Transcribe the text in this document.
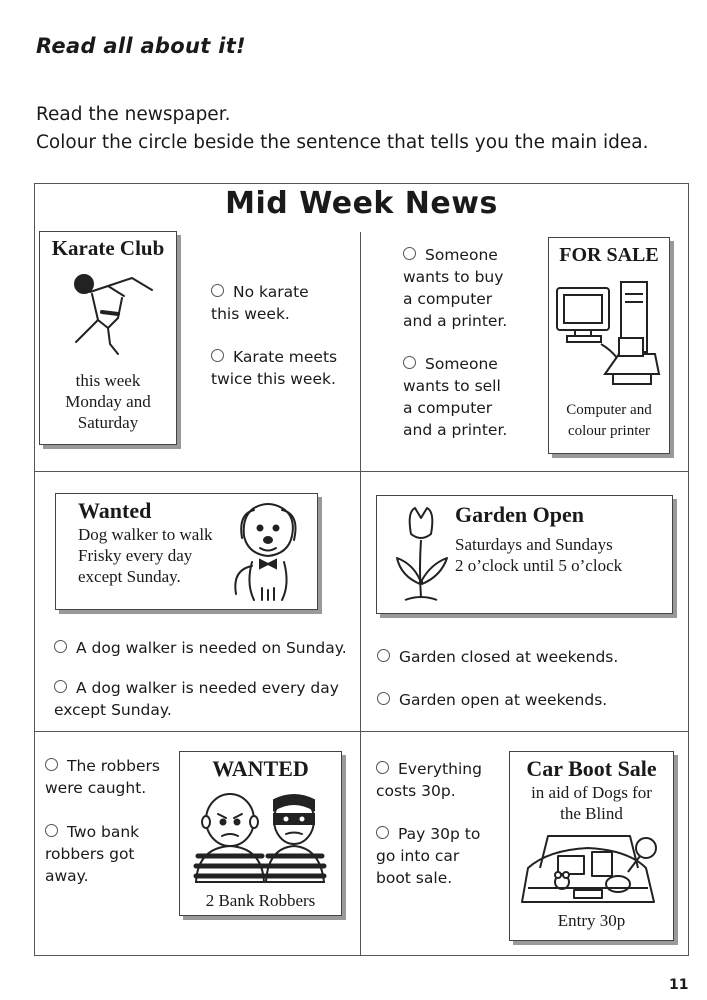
Read all about it!
Read the newspaper.
Colour the circle beside the sentence that tells you the main idea.
Mid Week News
Karate Club
this week
Monday and
Saturday
No karate
this week.
Karate meets
twice this week.
Someone
wants to buy
a computer
and a printer.
Someone
wants to sell
a computer
and a printer.
FOR SALE
Computer and
colour printer
Wanted
Dog walker to walk
Frisky every day
except Sunday.
A dog walker is needed on Sunday.
A dog walker is needed every day
except Sunday.
Garden Open
Saturdays and Sundays
2 o’clock until 5 o’clock
Garden closed at weekends.
Garden open at weekends.
The robbers
were caught.
Two bank
robbers got
away.
WANTED
2 Bank Robbers
Everything
costs 30p.
Pay 30p to
go into car
boot sale.
Car Boot Sale
in aid of Dogs for
the Blind
Entry 30p
11
